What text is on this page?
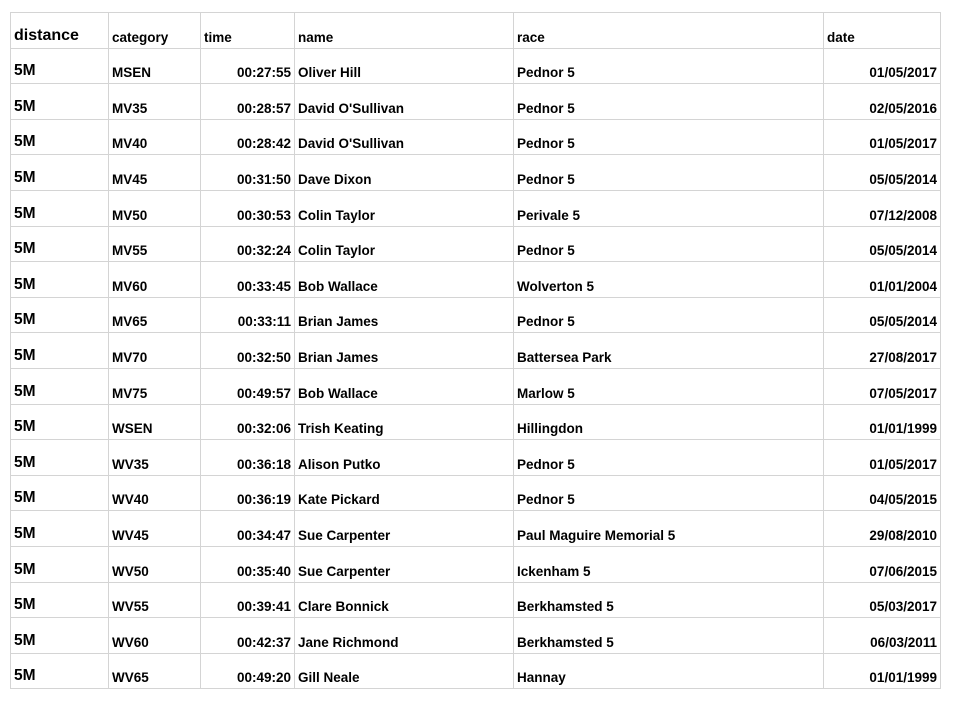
distance	category	time	name	race	date
5M	MSEN	00:27:55	Oliver Hill	Pednor 5	01/05/2017
5M	MV35	00:28:57	David O'Sullivan	Pednor 5	02/05/2016
5M	MV40	00:28:42	David O'Sullivan	Pednor 5	01/05/2017
5M	MV45	00:31:50	Dave Dixon	Pednor 5	05/05/2014
5M	MV50	00:30:53	Colin Taylor	Perivale 5	07/12/2008
5M	MV55	00:32:24	Colin Taylor	Pednor 5	05/05/2014
5M	MV60	00:33:45	Bob Wallace	Wolverton 5	01/01/2004
5M	MV65	00:33:11	Brian James	Pednor 5	05/05/2014
5M	MV70	00:32:50	Brian James	Battersea Park	27/08/2017
5M	MV75	00:49:57	Bob Wallace	Marlow 5	07/05/2017
5M	WSEN	00:32:06	Trish Keating	Hillingdon	01/01/1999
5M	WV35	00:36:18	Alison Putko	Pednor 5	01/05/2017
5M	WV40	00:36:19	Kate Pickard	Pednor 5	04/05/2015
5M	WV45	00:34:47	Sue Carpenter	Paul Maguire Memorial 5	29/08/2010
5M	WV50	00:35:40	Sue Carpenter	Ickenham 5	07/06/2015
5M	WV55	00:39:41	Clare Bonnick	Berkhamsted 5	05/03/2017
5M	WV60	00:42:37	Jane Richmond	Berkhamsted 5	06/03/2011
5M	WV65	00:49:20	Gill Neale	Hannay	01/01/1999
